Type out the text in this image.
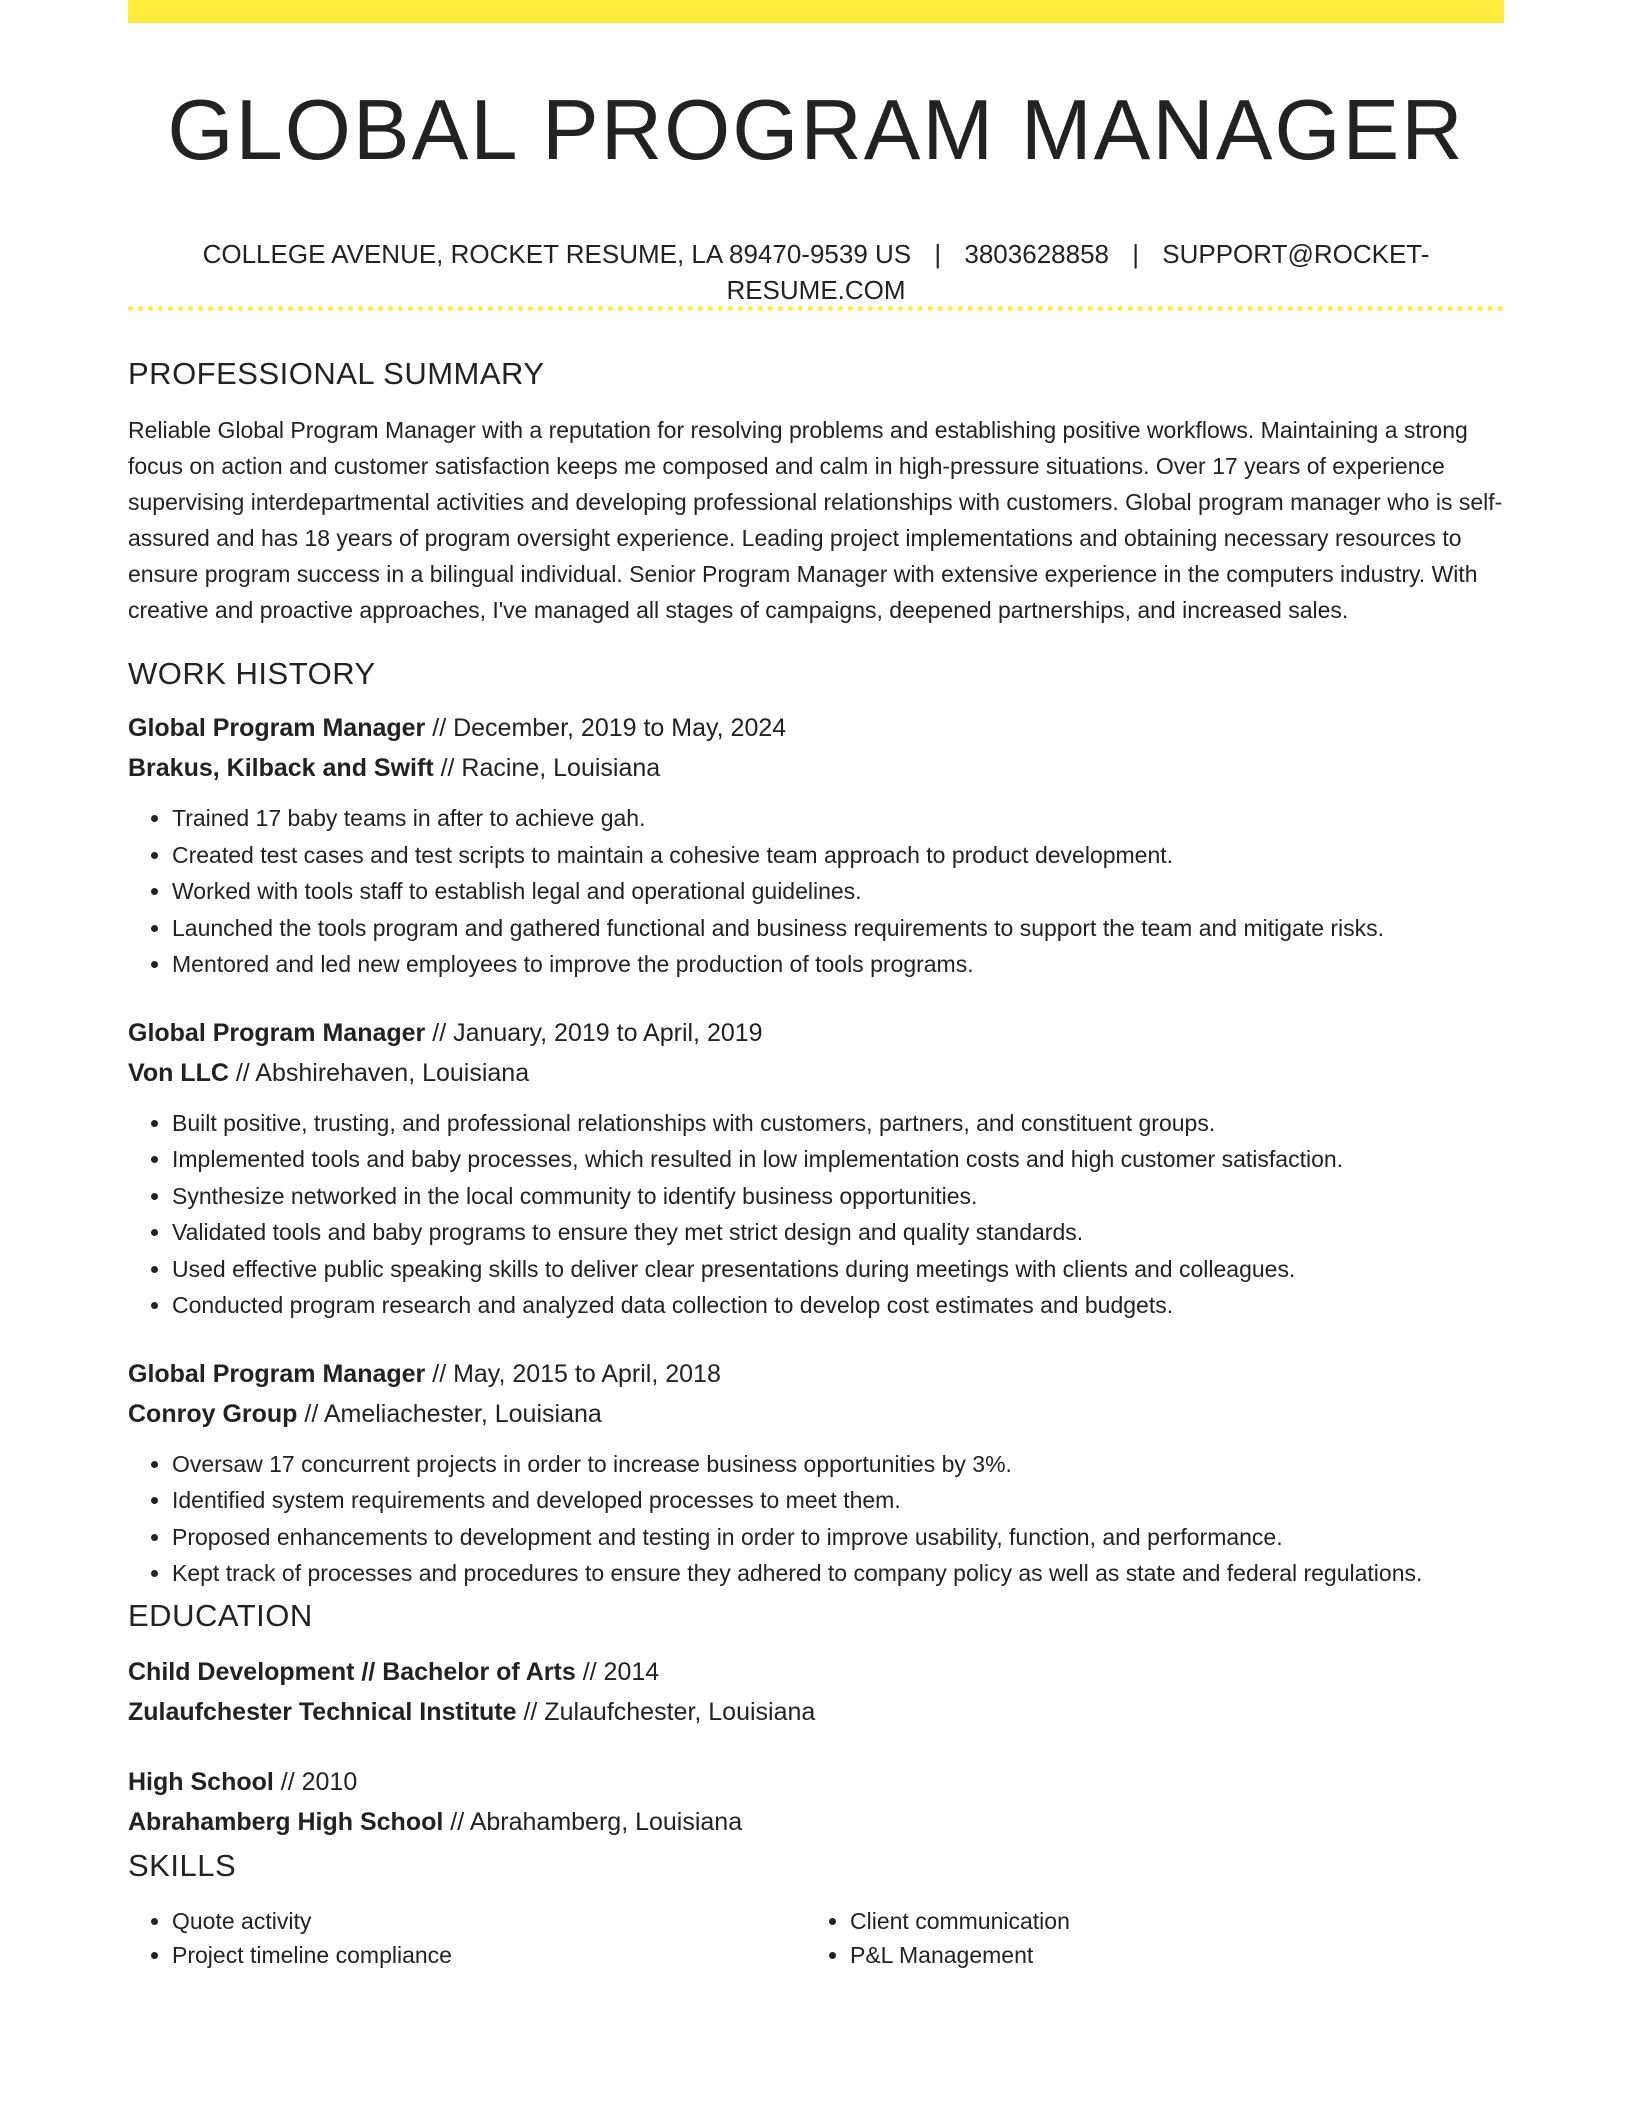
GLOBAL PROGRAM MANAGER
COLLEGE AVENUE, ROCKET RESUME, LA 89470-9539 US | 3803628858 | SUPPORT@ROCKET-RESUME.COM
PROFESSIONAL SUMMARY

Reliable Global Program Manager with a reputation for resolving problems and establishing positive workflows. Maintaining a strong focus on action and customer satisfaction keeps me composed and calm in high-pressure situations. Over 17 years of experience supervising interdepartmental activities and developing professional relationships with customers. Global program manager who is self-assured and has 18 years of program oversight experience. Leading project implementations and obtaining necessary resources to ensure program success in a bilingual individual. Senior Program Manager with extensive experience in the computers industry. With creative and proactive approaches, I've managed all stages of campaigns, deepened partnerships, and increased sales.

WORK HISTORY
Global Program Manager // December, 2019 to May, 2024
Brakus, Kilback and Swift // Racine, Louisiana
• Trained 17 baby teams in after to achieve gah.
• Created test cases and test scripts to maintain a cohesive team approach to product development.
• Worked with tools staff to establish legal and operational guidelines.
• Launched the tools program and gathered functional and business requirements to support the team and mitigate risks.
• Mentored and led new employees to improve the production of tools programs.
Global Program Manager // January, 2019 to April, 2019
Von LLC // Abshirehaven, Louisiana
• Built positive, trusting, and professional relationships with customers, partners, and constituent groups.
• Implemented tools and baby processes, which resulted in low implementation costs and high customer satisfaction.
• Synthesize networked in the local community to identify business opportunities.
• Validated tools and baby programs to ensure they met strict design and quality standards.
• Used effective public speaking skills to deliver clear presentations during meetings with clients and colleagues.
• Conducted program research and analyzed data collection to develop cost estimates and budgets.
Global Program Manager // May, 2015 to April, 2018
Conroy Group // Ameliachester, Louisiana
• Oversaw 17 concurrent projects in order to increase business opportunities by 3%.
• Identified system requirements and developed processes to meet them.
• Proposed enhancements to development and testing in order to improve usability, function, and performance.
• Kept track of processes and procedures to ensure they adhered to company policy as well as state and federal regulations.
EDUCATION
Child Development // Bachelor of Arts // 2014
Zulaufchester Technical Institute // Zulaufchester, Louisiana
High School // 2010
Abrahamberg High School // Abrahamberg, Louisiana
SKILLS
• Quote activity
• Project timeline compliance
• Client communication
• P&L Management
